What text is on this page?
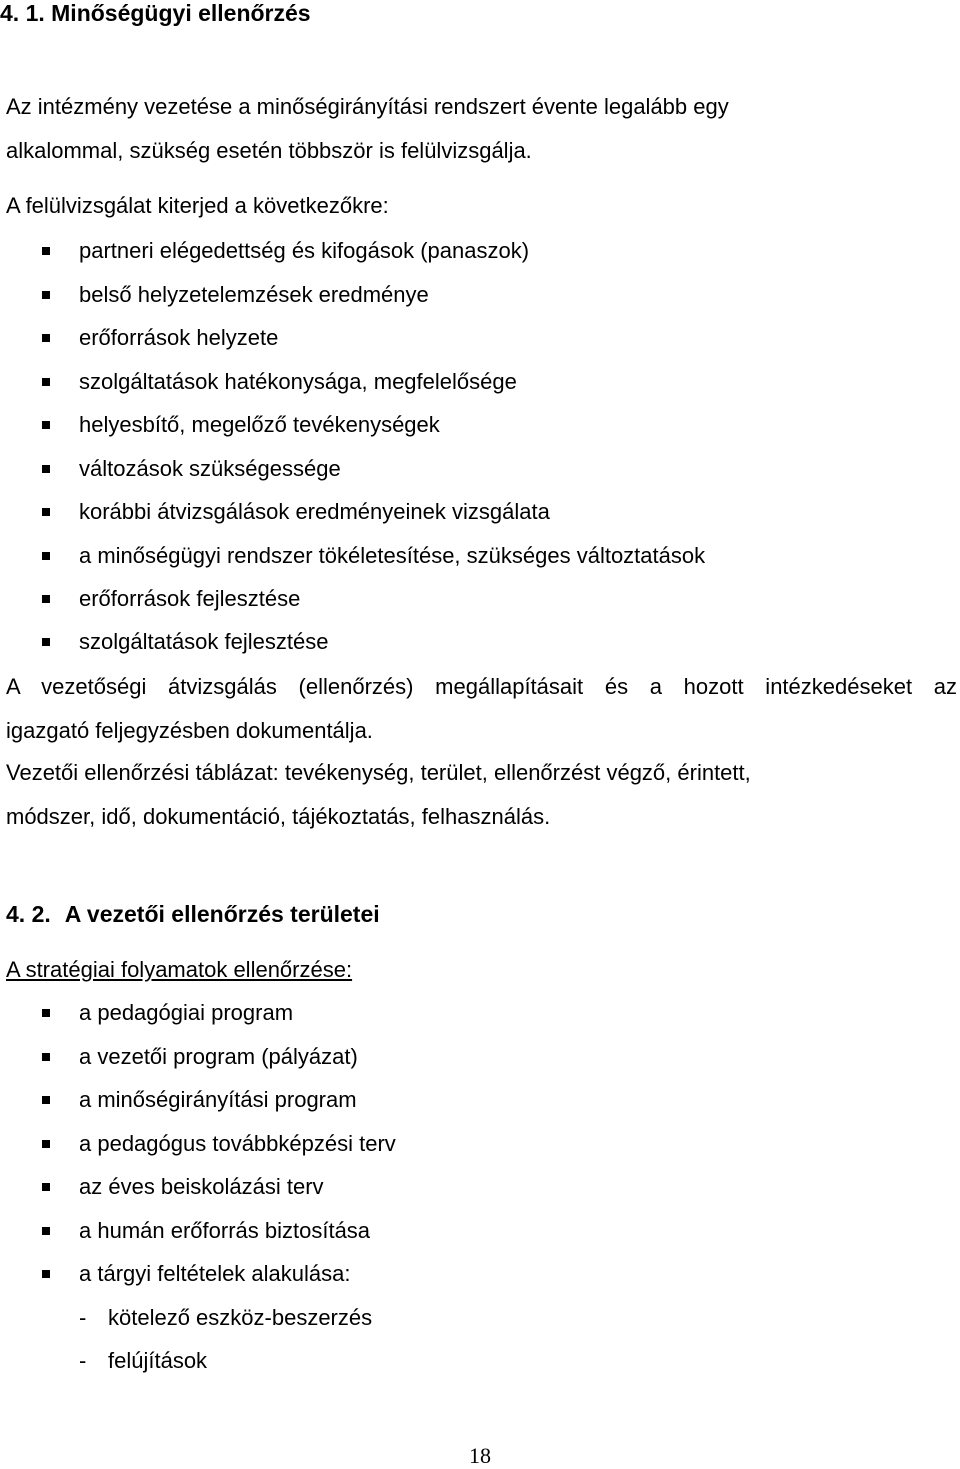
4. 1. Minőségügyi ellenőrzés
Az intézmény vezetése a minőségirányítási rendszert évente legalább egy
alkalommal, szükség esetén többször is felülvizsgálja.
A felülvizsgálat kiterjed a következőkre:
partneri elégedettség és kifogások (panaszok)
belső helyzetelemzések eredménye
erőforrások helyzete
szolgáltatások hatékonysága, megfelelősége
helyesbítő, megelőző tevékenységek
változások szükségessége
korábbi átvizsgálások eredményeinek vizsgálata
a minőségügyi rendszer tökéletesítése, szükséges változtatások
erőforrások fejlesztése
szolgáltatások fejlesztése
A vezetőségi átvizsgálás (ellenőrzés) megállapításait és a hozott intézkedéseket az
igazgató feljegyzésben dokumentálja.
Vezetői ellenőrzési táblázat: tevékenység, terület, ellenőrzést végző, érintett,
módszer, idő, dokumentáció, tájékoztatás, felhasználás.
4. 2. A vezetői ellenőrzés területei
A stratégiai folyamatok ellenőrzése:
a pedagógiai program
a vezetői program (pályázat)
a minőségirányítási program
a pedagógus továbbképzési terv
az éves beiskolázási terv
a humán erőforrás biztosítása
a tárgyi feltételek alakulása:
- kötelező eszköz-beszerzés
- felújítások
18
